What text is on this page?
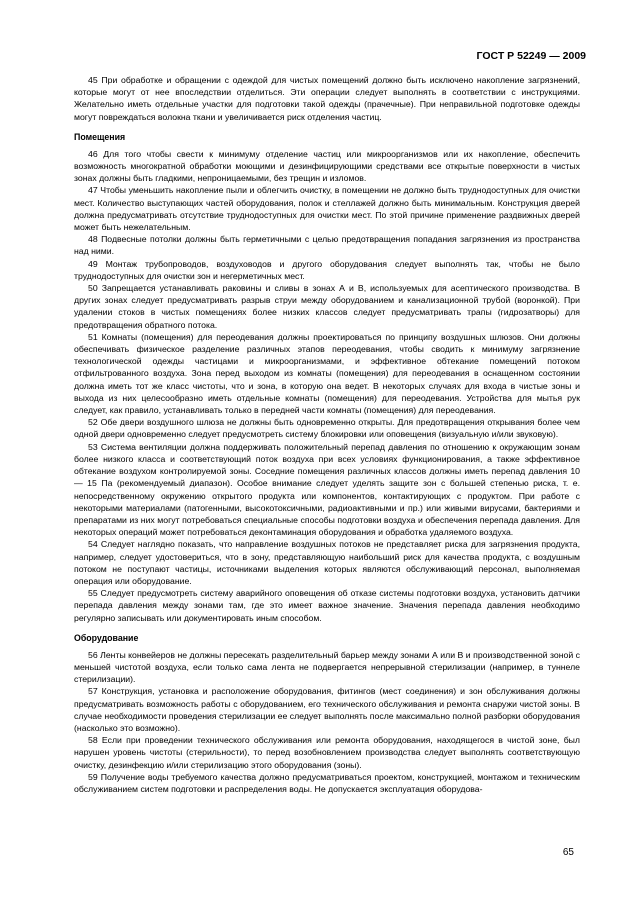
ГОСТ Р 52249 — 2009

45 При обработке и обращении с одеждой для чистых помещений должно быть исключено накопление загрязнений, которые могут от нее впоследствии отделиться. Эти операции следует выполнять в соответствии с инструкциями. Желательно иметь отдельные участки для подготовки такой одежды (прачечные). При неправильной подготовке одежды могут повреждаться волокна ткани и увеличивается риск отделения частиц.

Помещения

46 Для того чтобы свести к минимуму отделение частиц или микроорганизмов или их накопление, обеспечить возможность многократной обработки моющими и дезинфицирующими средствами все открытые поверхности в чистых зонах должны быть гладкими, непроницаемыми, без трещин и изломов.

47 Чтобы уменьшить накопление пыли и облегчить очистку, в помещении не должно быть труднодоступных для очистки мест. Количество выступающих частей оборудования, полок и стеллажей должно быть минимальным. Конструкция дверей должна предусматривать отсутствие труднодоступных для очистки мест. По этой причине применение раздвижных дверей может быть нежелательным.

48 Подвесные потолки должны быть герметичными с целью предотвращения попадания загрязнения из пространства над ними.

49 Монтаж трубопроводов, воздуховодов и другого оборудования следует выполнять так, чтобы не было труднодоступных для очистки зон и негерметичных мест.

50 Запрещается устанавливать раковины и сливы в зонах А и В, используемых для асептического производства. В других зонах следует предусматривать разрыв струи между оборудованием и канализационной трубой (воронкой). При удалении стоков в чистых помещениях более низких классов следует предусматривать трапы (гидрозатворы) для предотвращения обратного потока.

51 Комнаты (помещения) для переодевания должны проектироваться по принципу воздушных шлюзов. Они должны обеспечивать физическое разделение различных этапов переодевания, чтобы сводить к минимуму загрязнение технологической одежды частицами и микроорганизмами, и эффективное обтекание помещений потоком отфильтрованного воздуха. Зона перед выходом из комнаты (помещения) для переодевания в оснащенном состоянии должна иметь тот же класс чистоты, что и зона, в которую она ведет. В некоторых случаях для входа в чистые зоны и выхода из них целесообразно иметь отдельные комнаты (помещения) для переодевания. Устройства для мытья рук следует, как правило, устанавливать только в передней части комнаты (помещения) для переодевания.

52 Обе двери воздушного шлюза не должны быть одновременно открыты. Для предотвращения открывания более чем одной двери одновременно следует предусмотреть систему блокировки или оповещения (визуальную и/или звуковую).

53 Система вентиляции должна поддерживать положительный перепад давления по отношению к окружающим зонам более низкого класса и соответствующий поток воздуха при всех условиях функционирования, а также эффективное обтекание воздухом контролируемой зоны. Соседние помещения различных классов должны иметь перепад давления 10 — 15 Па (рекомендуемый диапазон). Особое внимание следует уделять защите зон с большей степенью риска, т. е. непосредственному окружению открытого продукта или компонентов, контактирующих с продуктом. При работе с некоторыми материалами (патогенными, высокотоксичными, радиоактивными и пр.) или живыми вирусами, бактериями и препаратами из них могут потребоваться специальные способы подготовки воздуха и обеспечения перепада давления. Для некоторых операций может потребоваться деконтаминация оборудования и обработка удаляемого воздуха.

54 Следует наглядно показать, что направление воздушных потоков не представляет риска для загрязнения продукта, например, следует удостовериться, что в зону, представляющую наибольший риск для качества продукта, с воздушным потоком не поступают частицы, источниками выделения которых являются обслуживающий персонал, выполняемая операция или оборудование.

55 Следует предусмотреть систему аварийного оповещения об отказе системы подготовки воздуха, установить датчики перепада давления между зонами там, где это имеет важное значение. Значения перепада давления необходимо регулярно записывать или документировать иным способом.

Оборудование

56 Ленты конвейеров не должны пересекать разделительный барьер между зонами А или В и производственной зоной с меньшей чистотой воздуха, если только сама лента не подвергается непрерывной стерилизации (например, в туннеле стерилизации).

57 Конструкция, установка и расположение оборудования, фитингов (мест соединения) и зон обслуживания должны предусматривать возможность работы с оборудованием, его технического обслуживания и ремонта снаружи чистой зоны. В случае необходимости проведения стерилизации ее следует выполнять после максимально полной разборки оборудования (насколько это возможно).

58 Если при проведении технического обслуживания или ремонта оборудования, находящегося в чистой зоне, был нарушен уровень чистоты (стерильности), то перед возобновлением производства следует выполнять соответствующую очистку, дезинфекцию и/или стерилизацию этого оборудования (зоны).

59 Получение воды требуемого качества должно предусматриваться проектом, конструкцией, монтажом и техническим обслуживанием систем подготовки и распределения воды. Не допускается эксплуатация оборудова-

65
